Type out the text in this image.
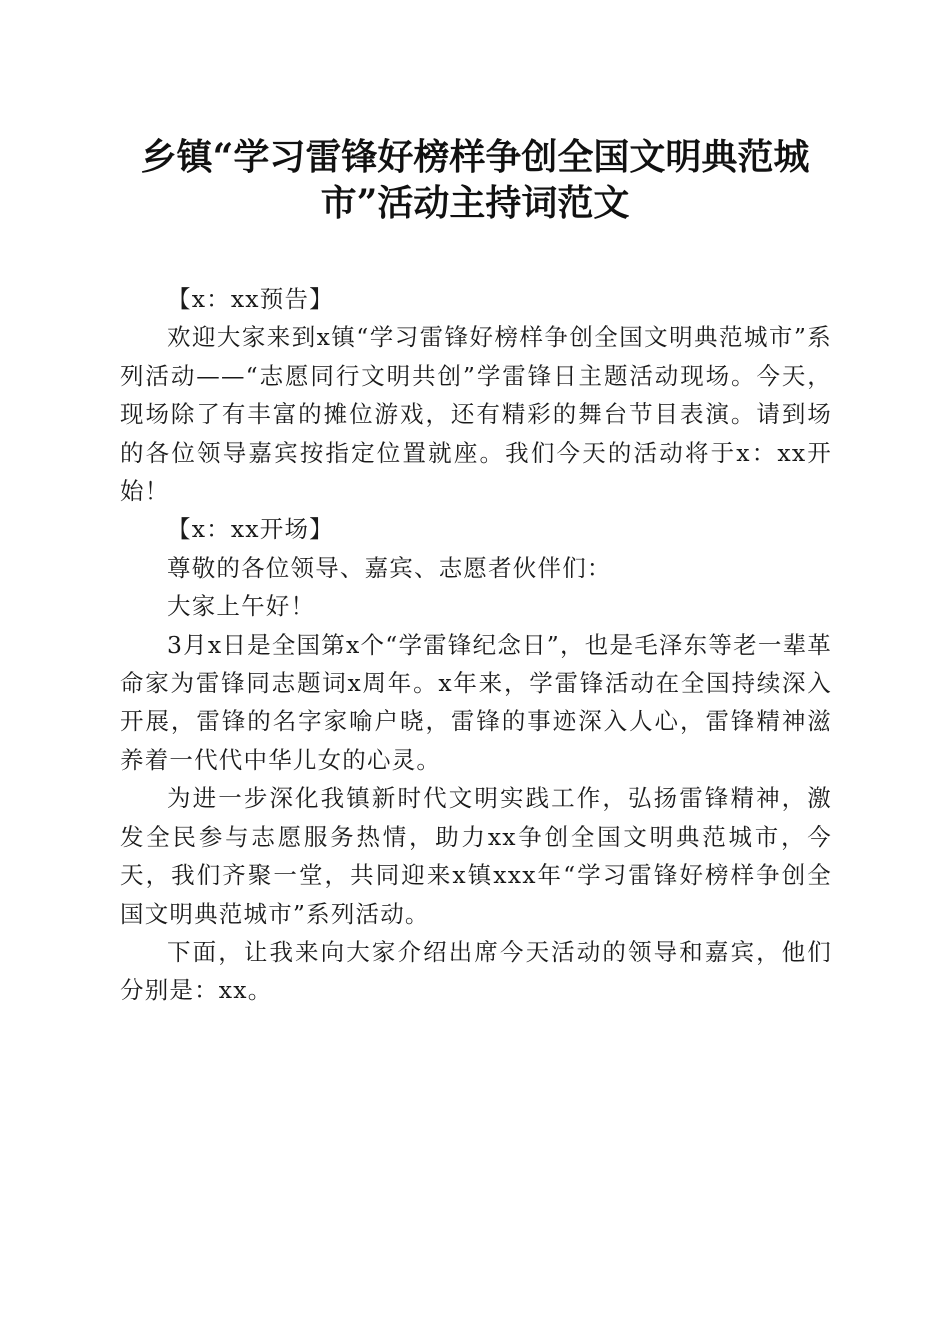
乡镇“学习雷锋好榜样争创全国文明典范城市”活动主持词范文

【x：xx预告】

欢迎大家来到x镇“学习雷锋好榜样争创全国文明典范城市”系列活动——“志愿同行文明共创”学雷锋日主题活动现场。今天，现场除了有丰富的摊位游戏，还有精彩的舞台节目表演。请到场的各位领导嘉宾按指定位置就座。我们今天的活动将于x：xx开始！

【x：xx开场】

尊敬的各位领导、嘉宾、志愿者伙伴们：

大家上午好！

3月x日是全国第x个“学雷锋纪念日”，也是毛泽东等老一辈革命家为雷锋同志题词x周年。x年来，学雷锋活动在全国持续深入开展，雷锋的名字家喻户晓，雷锋的事迹深入人心，雷锋精神滋养着一代代中华儿女的心灵。

为进一步深化我镇新时代文明实践工作，弘扬雷锋精神，激发全民参与志愿服务热情，助力xx争创全国文明典范城市，今天，我们齐聚一堂，共同迎来x镇xxx年“学习雷锋好榜样争创全国文明典范城市”系列活动。

下面，让我来向大家介绍出席今天活动的领导和嘉宾，他们分别是：xx。
